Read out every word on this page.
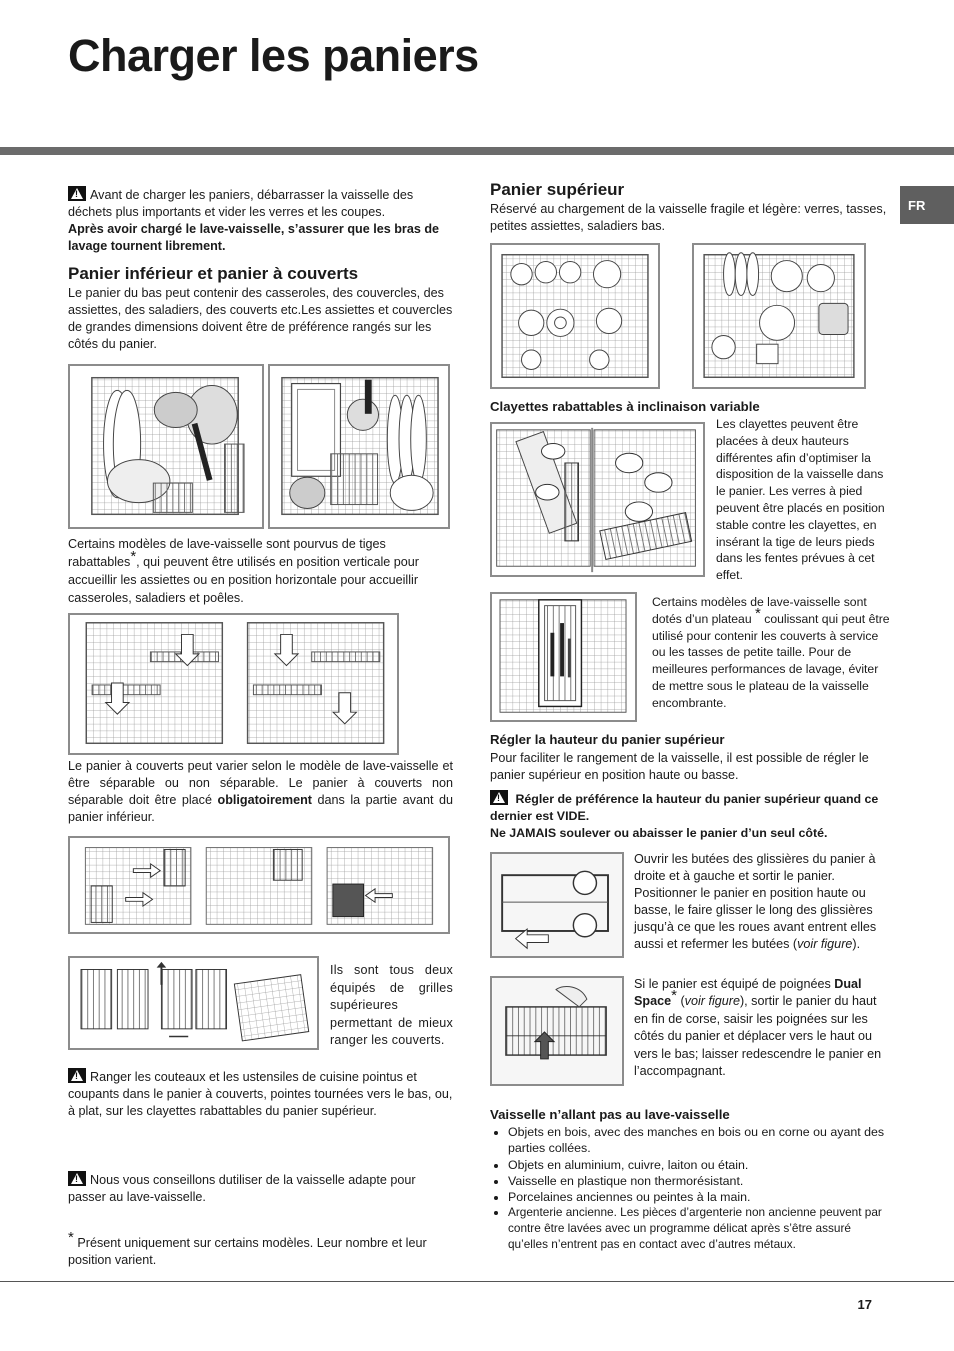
Charger les paniers
FR

!Avant de charger les paniers, débarrasser la vaisselle des déchets plus importants et vider les verres et les coupes.

Après avoir chargé le lave-vaisselle, s’assurer que les bras de lavage tournent librement.

Panier inférieur et panier à couverts
Le panier du bas peut contenir des casseroles, des couvercles, des assiettes, des saladiers, des couverts etc.Les assiettes et couvercles de grandes dimensions doivent être de préférence rangés sur les côtés du panier.
Certains modèles de lave-vaisselle sont pourvus de tiges rabattables*, qui peuvent être utilisés en position verticale pour accueillir les assiettes ou en position horizontale pour accueillir casseroles, saladiers et poêles.
Le panier à couverts peut varier selon le modèle de lave-vaisselle et être séparable ou non séparable. Le panier à couverts non séparable doit être placé obligatoirement dans la partie avant du panier inférieur.
Ils sont tous deux équipés de grilles supérieures permettant de mieux ranger les couverts.
!Ranger les couteaux et les ustensiles de cuisine pointus et coupants dans le panier à couverts, pointes tournées vers le bas, ou, à plat, sur les clayettes rabattables du panier supérieur.
!Nous vous conseillons dutiliser de la vaisselle adapte pour passer au lave-vaisselle.
* Présent uniquement sur certains modèles. Leur nombre et leur position varient.
Panier supérieur
Réservé au chargement de la vaisselle fragile et légère: verres, tasses, petites assiettes, saladiers bas.
Clayettes rabattables à inclinaison variable
Les clayettes peuvent être placées à deux hauteurs différentes afin d’optimiser la disposition de la vaisselle dans le panier. Les verres à pied peuvent être placés en position stable contre les clayettes, en insérant la tige de leurs pieds dans les fentes prévues à cet effet.
Certains modèles de lave-vaisselle sont dotés d’un plateau * coulissant qui peut être utilisé pour contenir les couverts à service ou les tasses de petite taille. Pour de meilleures performances de lavage, éviter de mettre sous le plateau de la vaisselle encombrante.
Régler la hauteur du panier supérieur
Pour faciliter le rangement de la vaisselle, il est possible de régler le panier supérieur en position haute ou basse.

! Régler de préférence la hauteur du panier supérieur quand ce dernier est VIDE.

Ne JAMAIS soulever ou abaisser le panier d’un seul côté.

Ouvrir les butées des glissières du panier à droite et à gauche et sortir le panier. Positionner le panier en position haute ou basse, le faire glisser le long des glissières jusqu’à ce que les roues avant entrent elles aussi et refermer les butées (voir figure).
Si le panier est équipé de poignées Dual Space* (voir figure), sortir le panier du haut en fin de corse, saisir les poignées sur les côtés du panier et déplacer vers le haut ou vers le bas; laisser redescendre le panier en l’accompagnant.
Vaisselle n’allant pas au lave-vaisselle
• Objets en bois, avec des manches en bois ou en corne ou ayant des parties collées.
• Objets en aluminium, cuivre, laiton ou étain.
• Vaisselle en plastique non thermorésistant.
• Porcelaines anciennes ou peintes à la main.
• Argenterie ancienne. Les pièces d’argenterie non ancienne peuvent par contre être lavées avec un programme délicat après s’être assuré qu’elles n’entrent pas en contact avec d’autres métaux.
17
